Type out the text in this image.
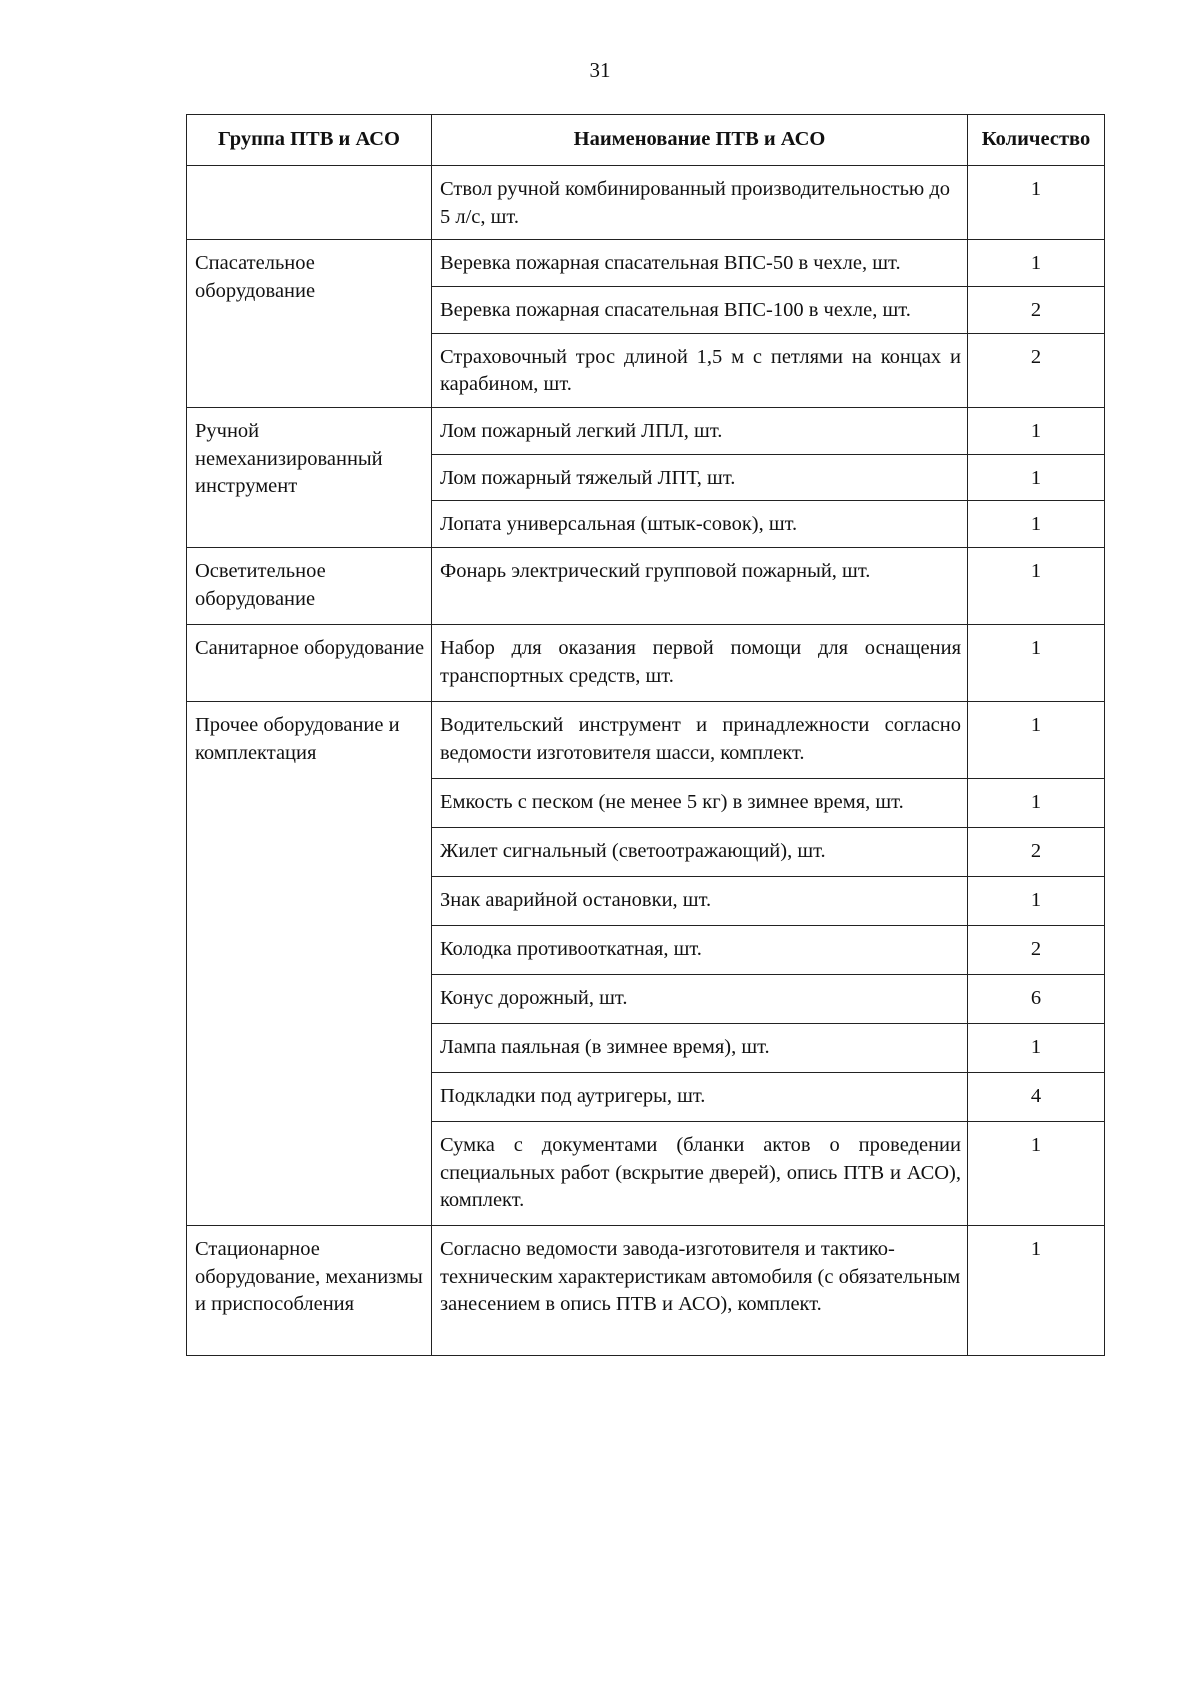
31
Группа ПТВ и АСО	Наименование ПТВ и АСО	Количество

	Ствол ручной комбинированный производительностью до 5 л/с, шт.	1

Спасательное оборудование	Веревка пожарная спасательная ВПС-50 в чехле, шт.	1

	Веревка пожарная спасательная ВПС-100 в чехле, шт.	2

	Страховочный трос длиной 1,5 м с петлями на концах и карабином, шт.	2

Ручной немеханизированный инструмент	Лом пожарный легкий ЛПЛ, шт.	1

	Лом пожарный тяжелый ЛПТ, шт.	1

	Лопата универсальная (штык-совок), шт.	1

Осветительное оборудование	Фонарь электрический групповой пожарный, шт.	1

Санитарное оборудование	Набор для оказания первой помощи для оснащения транспортных средств, шт.	1

Прочее оборудование и комплектация	Водительский инструмент и принадлежности согласно ведомости изготовителя шасси, комплект.	1

	Емкость с песком (не менее 5 кг) в зимнее время, шт.	1

	Жилет сигнальный (светоотражающий), шт.	2

	Знак аварийной остановки, шт.	1

	Колодка противооткатная, шт.	2

	Конус дорожный, шт.	6

	Лампа паяльная (в зимнее время), шт.	1

	Подкладки под аутригеры, шт.	4

	Сумка с документами (бланки актов о проведении специальных работ (вскрытие дверей), опись ПТВ и АСО), комплект.	1

Стационарное оборудование, механизмы и приспособления	Согласно ведомости завода-изготовителя и тактико-техническим характеристикам автомобиля (с обязательным занесением в опись ПТВ и АСО), комплект.	1
